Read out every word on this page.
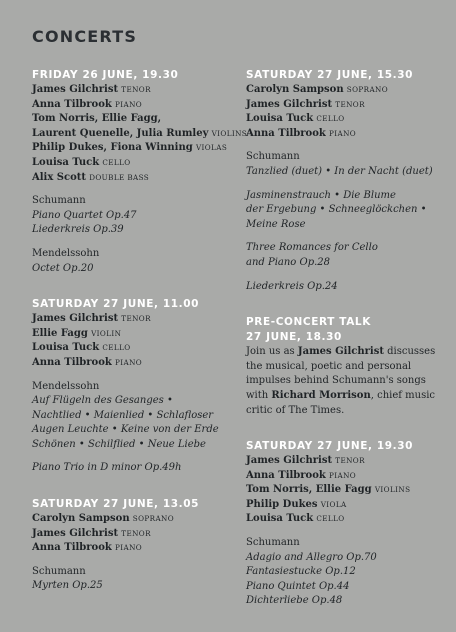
CONCERTS
FRIDAY 26 JUNE, 19.30
James Gilchrist TENOR
Anna Tilbrook PIANO
Tom Norris, Ellie Fagg,
Laurent Quenelle, Julia Rumley VIOLINS
Philip Dukes, Fiona Winning VIOLAS
Louisa Tuck CELLO
Alix Scott DOUBLE BASS
Schumann
Piano Quartet Op.47
Liederkreis Op.39
Mendelssohn
Octet Op.20
SATURDAY 27 JUNE, 11.00
James Gilchrist TENOR
Ellie Fagg VIOLIN
Louisa Tuck CELLO
Anna Tilbrook PIANO
Mendelssohn
Auf Flügeln des Gesanges •
Nachtlied • Maienlied • Schlafloser
Augen Leuchte • Keine von der Erde
Schönen • Schilflied • Neue Liebe
Piano Trio in D minor Op.49h
SATURDAY 27 JUNE, 13.05
Carolyn Sampson SOPRANO
James Gilchrist TENOR
Anna Tilbrook PIANO
Schumann
Myrten Op.25
SATURDAY 27 JUNE, 15.30
Carolyn Sampson SOPRANO
James Gilchrist TENOR
Louisa Tuck CELLO
Anna Tilbrook PIANO
Schumann
Tanzlied (duet) • In der Nacht (duet)
Jasminenstrauch • Die Blume
der Ergebung • Schneeglöckchen •
Meine Rose
Three Romances for Cello
and Piano Op.28
Liederkreis Op.24
PRE-CONCERT TALK
27 JUNE, 18.30
Join us as James Gilchrist discusses
the musical, poetic and personal
impulses behind Schumann's songs
with Richard Morrison, chief music
critic of The Times.
SATURDAY 27 JUNE, 19.30
James Gilchrist TENOR
Anna Tilbrook PIANO
Tom Norris, Ellie Fagg VIOLINS
Philip Dukes VIOLA
Louisa Tuck CELLO
Schumann
Adagio and Allegro Op.70
Fantasiestucke Op.12
Piano Quintet Op.44
Dichterliebe Op.48
